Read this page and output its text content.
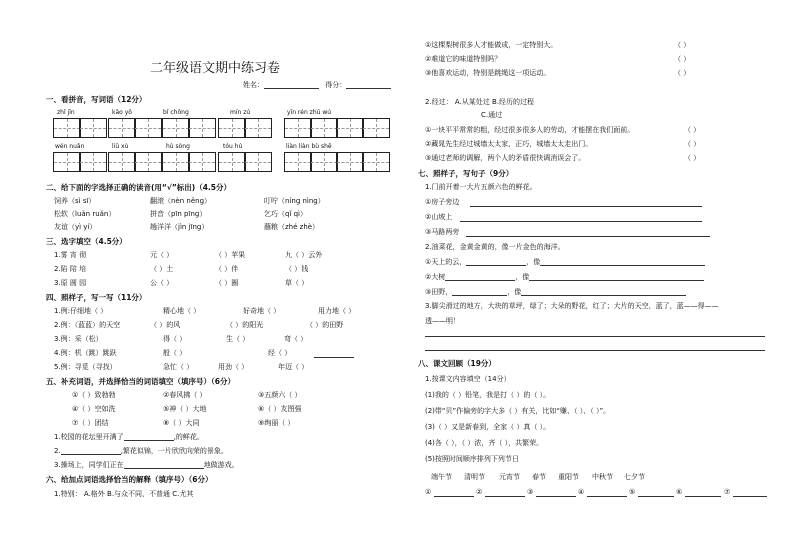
二年级语文期中练习卷
姓名：	得分：
一、看拼音，写词语（12分）
zhǐ jīn	kāo yǒ	bǐ chōng	mín zú	yīn rén zhū wú
wén nuǎn	liǔ xù	hù sòng	tóu hú	liàn liàn bù shě
二、给下面的字选择正确的读音(用“√”标出)（4.5分）
饲养（sì sī）	翻滚（nèn něng）	叮咛（níng nìng）
松软（luǎn ruǎn）	拼音（pīn pīng）	乞巧（qǐ qì）
友谊（yì yí）	趟洋洋（jìn jīng）	蘸粮（zhé zhè）
三、选字填空（4.5分）
1.雾 宵 彻	元（ ）	（ ）苹果	九（ ）云外
2.陷 陪 培	（ ）土	（ ）伴	（ ）钱
3.原 圆 园	公（ ）	（ ）圈	草（ ）
四、照样子，写一写（11分）
1.例:仔细地（ ）	精心地（ ）	好奇地（ ）	用力地（ ）
2.例：（蓝蓝）的天空	（ ）的风	（ ）的阳光	（ ）的田野
3.例：采（松）	得（ ）	生（ ）	弯（ ）
4.例：机（跳）跳跃	般（ ）	经（ ）
5.例：寻觅（寻找）	急忙（ ）	用劲（ ）	年迈（ ）
五、补充词语，并选择恰当的词语填空（填序号）（6分）
①（ ）致勃勃	②春风拂（ ）	③五颜六（ ）
④（ ）空如洗	⑤神（ ）大地	⑥（ ）友图强
⑦（ ）团结	⑧（ ）大同	⑨绚丽（ ）
1.校园的花坛里开满了	,的鲜花。
2.	,繁花似锦，一片欣欣向荣的景象。
3.操场上，同学们正在	地做游戏。
六、给加点词语选择恰当的解释（填序号）（6分）
1.特别： A.格外 B.与众不同，不普通 C.尤其
①这棵梨树很多人才能做成，一定特别大。	（ ）
②难道它的味道特别吗？	（ ）
③他喜欢运动，特别是跳绳这一项运动。	（ ）
2.经过： A.从某处过 B.经历的过程
C.通过
①一块平平常常的粗，经过很多很多人的劳动，才能摆在我们面前。	（ ）
②藏晁先生经过城墙太太家，正巧，城墙太太走出门。	（ ）
③通过老师的调解，两个人的矛盾很快调消误会了。	（ ）
七、照样子，写句子（9分）
1.门前开着一大片五颜六色的鲜花。
①房子旁边
②山坡上
③马路两旁
2.油菜花，金黄金黄的，像一片金色的海洋。
①天上的云，	，像
②大树	，像
③田野，	，像
3.脚尖滑过的地方，大块的草坪，绿了；大朵的野花，红了；大片的天空，蓝了，蓝——得——
透——明！
八、课文回顾（19分）
1.按课文内容填空（14分）
(1)我的（ ）铅笔，我是打（ ）的（ ）。
(2)带“贝”作偏旁的字大多（ ）有关，比如“赚、（ ）、（ ）”。
(3)（ ）又是新春到，全家（ ）真（ ）。
(4)各（ ），（ ）浓，齐（ ），共繁荣。
(5)按照时间顺序排列下列节日
端午节 清明节 元宵节 春节 重阳节 中秋节 七夕节
①	②	③	④	⑤	⑥	⑦
